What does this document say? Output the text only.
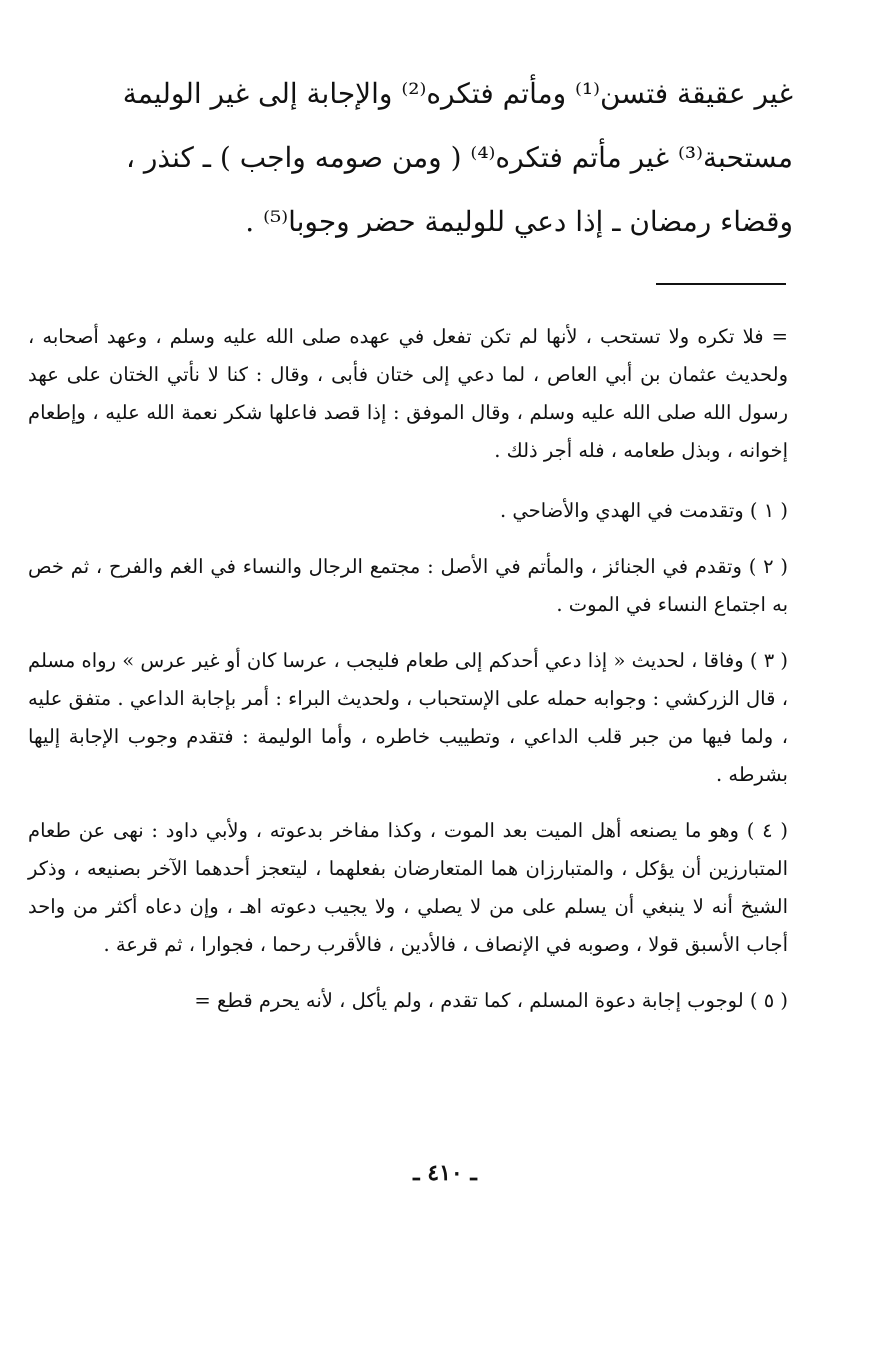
غير عقيقة فتسن⁽¹⁾ ومأتم فتكره⁽²⁾ والإجابة إلى غير الوليمة

مستحبة⁽³⁾ غير مأتم فتكره⁽⁴⁾ ( ومن صومه واجب ) ـ كنذر ،

وقضاء رمضان ـ إذا دعي للوليمة حضر وجوبا⁽⁵⁾ .

= فلا تكره ولا تستحب ، لأنها لم تكن تفعل في عهده صلى الله عليه وسلم ، وعهد أصحابه ، ولحديث عثمان بن أبي العاص ، لما دعي إلى ختان فأبى ، وقال : كنا لا نأتي الختان على عهد رسول الله صلى الله عليه وسلم ، وقال الموفق : إذا قصد فاعلها شكر نعمة الله عليه ، وإطعام إخوانه ، وبذل طعامه ، فله أجر ذلك .

( ١ ) وتقدمت في الهدي والأضاحي .

( ٢ ) وتقدم في الجنائز ، والمأتم في الأصل : مجتمع الرجال والنساء في الغم والفرح ، ثم خص به اجتماع النساء في الموت .

( ٣ ) وفاقا ، لحديث « إذا دعي أحدكم إلى طعام فليجب ، عرسا كان أو غير عرس » رواه مسلم ، قال الزركشي : وجوابه حمله على الإستحباب ، ولحديث البراء : أمر بإجابة الداعي . متفق عليه ، ولما فيها من جبر قلب الداعي ، وتطييب خاطره ، وأما الوليمة : فتقدم وجوب الإجابة إليها بشرطه .

( ٤ ) وهو ما يصنعه أهل الميت بعد الموت ، وكذا مفاخر بدعوته ، ولأبي داود : نهى عن طعام المتبارزين أن يؤكل ، والمتبارزان هما المتعارضان بفعلهما ، ليتعجز أحدهما الآخر بصنيعه ، وذكر الشيخ أنه لا ينبغي أن يسلم على من لا يصلي ، ولا يجيب دعوته اهـ ، وإن دعاه أكثر من واحد أجاب الأسبق قولا ، وصوبه في الإنصاف ، فالأدين ، فالأقرب رحما ، فجوارا ، ثم قرعة .

( ٥ ) لوجوب إجابة دعوة المسلم ، كما تقدم ، ولم يأكل ، لأنه يحرم قطع =

ـ ٤١٠ ـ
